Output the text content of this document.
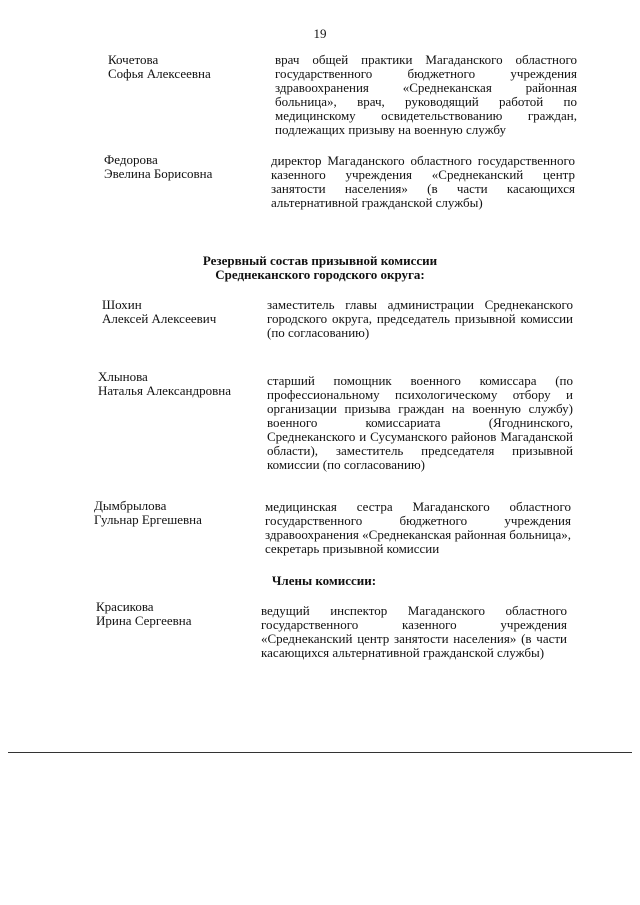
19
Кочетова
Софья Алексеевна
врач общей практики Магаданского областного государственного бюджетного учреждения здравоохранения «Среднеканская районная больница», врач, руководящий работой по медицинскому освидетельствованию граждан, подлежащих призыву на военную службу
Федорова
Эвелина Борисовна
директор Магаданского областного государственного казенного учреждения «Среднеканский центр занятости населения» (в части касающихся альтернативной гражданской службы)
Резервный состав призывной комиссии
Среднеканского городского округа:
Шохин
Алексей Алексеевич
заместитель главы администрации Среднеканского городского округа, председатель призывной комиссии (по согласованию)
Хлынова
Наталья Александровна
старший помощник военного комиссара (по профессиональному психологическому отбору и организации призыва граждан на военную службу) военного комиссариата (Ягоднинского, Среднеканского и Сусуманского районов Магаданской области), заместитель председателя призывной комиссии (по согласованию)
Дымбрылова
Гульнар Ергешевна
медицинская сестра Магаданского областного государственного бюджетного учреждения здравоохранения «Среднеканская районная больница», секретарь призывной комиссии
Члены комиссии:
Красикова
Ирина Сергеевна
ведущий инспектор Магаданского областного государственного казенного учреждения «Среднеканский центр занятости населения» (в части касающихся альтернативной гражданской службы)
